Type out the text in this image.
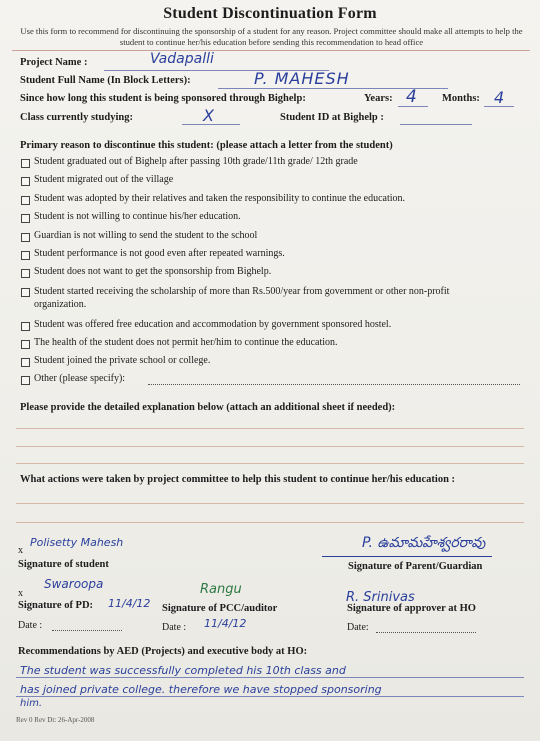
Student Discontinuation Form
Use this form to recommend for discontinuing the sponsorship of a student for any reason. Project committee should make all attempts to help the student to continue her/his education before sending this recommendation to head office
Project Name :	Vadapalli
Student Full Name (In Block Letters):	P. MAHESH
Since how long this student is being sponsored through Bighelp:	Years: 4 Months: 4
Class currently studying:	X	Student ID at Bighelp :
Primary reason to discontinue this student: (please attach a letter from the student)
Student graduated out of Bighelp after passing 10th grade/11th grade/ 12th grade
Student migrated out of the village
Student was adopted by their relatives and taken the responsibility to continue the education.
Student is not willing to continue his/her education.
Guardian is not willing to send the student to the school
Student performance is not good even after repeated warnings.
Student does not want to get the sponsorship from Bighelp.
Student started receiving the scholarship of more than Rs.500/year from government or other non-profit organization.
Student was offered free education and accommodation by government sponsored hostel.
The health of the student does not permit her/him to continue the education.
Student joined the private school or college.
Other (please specify):
Please provide the detailed explanation below (attach an additional sheet if needed):
What actions were taken by project committee to help this student to continue her/his education :
x
Polisetty Mahesh
Signature of student
P. ఉమామహేశ్వరరావు
Signature of Parent/Guardian
x
Swaroopa
Signature of PD: 11/4/12
Rangu
Signature of PCC/auditor
R. Srinivas
Signature of approver at HO
Date :	Date : 11/4/12	Date:
Recommendations by AED (Projects) and executive body at HO:
The student was successfully completed his 10th class and
has joined private college. therefore we have stopped sponsoring
him.
Rev 0 Rev Dt: 26-Apr-2008
